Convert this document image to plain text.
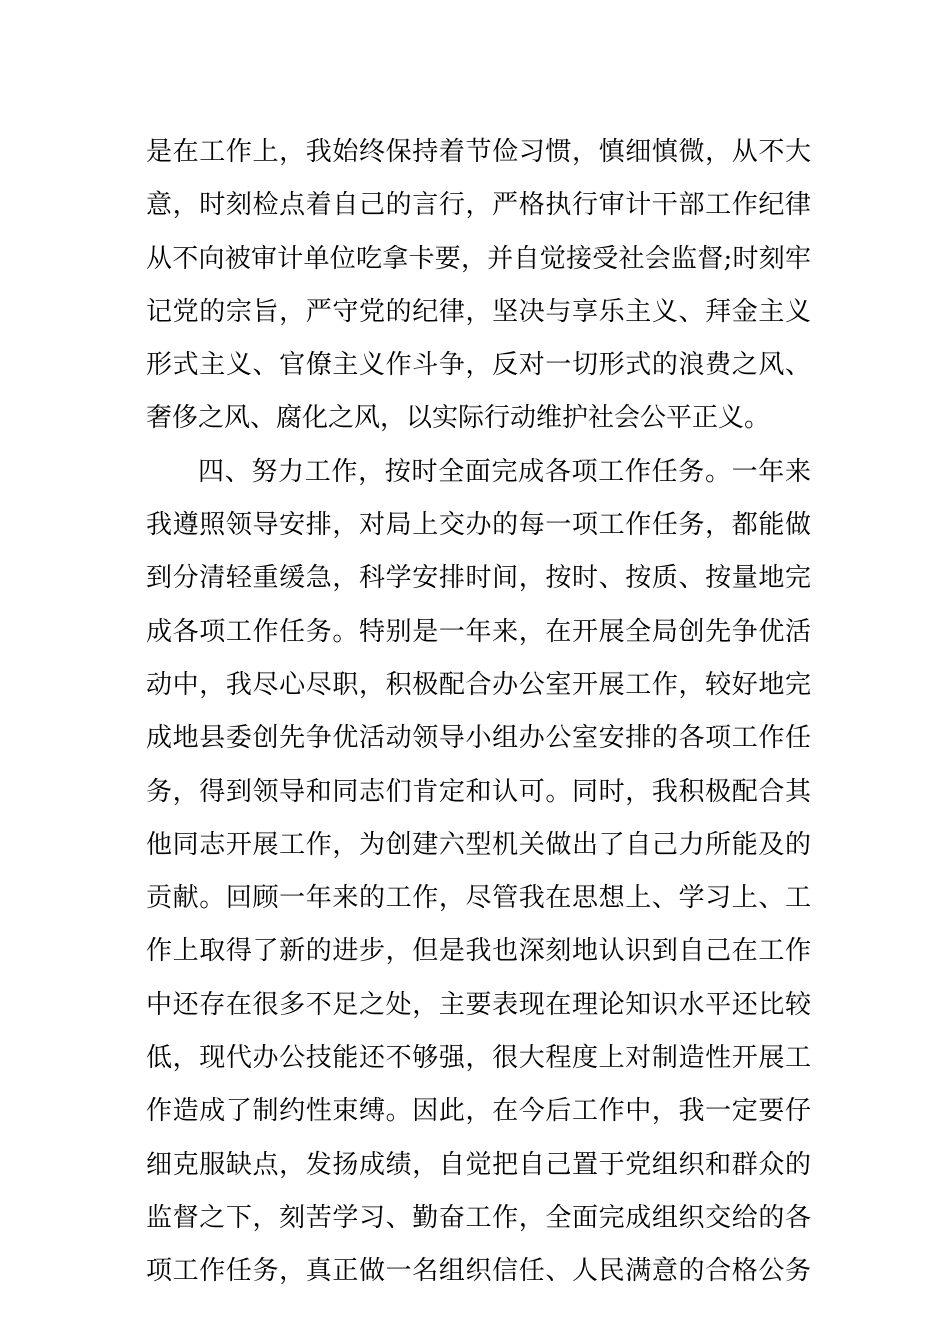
是在工作上，我始终保持着节俭习惯，慎细慎微，从不大
意，时刻检点着自己的言行，严格执行审计干部工作纪律
从不向被审计单位吃拿卡要，并自觉接受社会监督;时刻牢
记党的宗旨，严守党的纪律，坚决与享乐主义、拜金主义
形式主义、官僚主义作斗争，反对一切形式的浪费之风、
奢侈之风、腐化之风，以实际行动维护社会公平正义。
四、努力工作，按时全面完成各项工作任务。一年来
我遵照领导安排，对局上交办的每一项工作任务，都能做
到分清轻重缓急，科学安排时间，按时、按质、按量地完
成各项工作任务。特别是一年来，在开展全局创先争优活
动中，我尽心尽职，积极配合办公室开展工作，较好地完
成地县委创先争优活动领导小组办公室安排的各项工作任
务，得到领导和同志们肯定和认可。同时，我积极配合其
他同志开展工作，为创建六型机关做出了自己力所能及的
贡献。回顾一年来的工作，尽管我在思想上、学习上、工
作上取得了新的进步，但是我也深刻地认识到自己在工作
中还存在很多不足之处，主要表现在理论知识水平还比较
低，现代办公技能还不够强，很大程度上对制造性开展工
作造成了制约性束缚。因此，在今后工作中，我一定要仔
细克服缺点，发扬成绩，自觉把自己置于党组织和群众的
监督之下，刻苦学习、勤奋工作，全面完成组织交给的各
项工作任务，真正做一名组织信任、人民满意的合格公务
